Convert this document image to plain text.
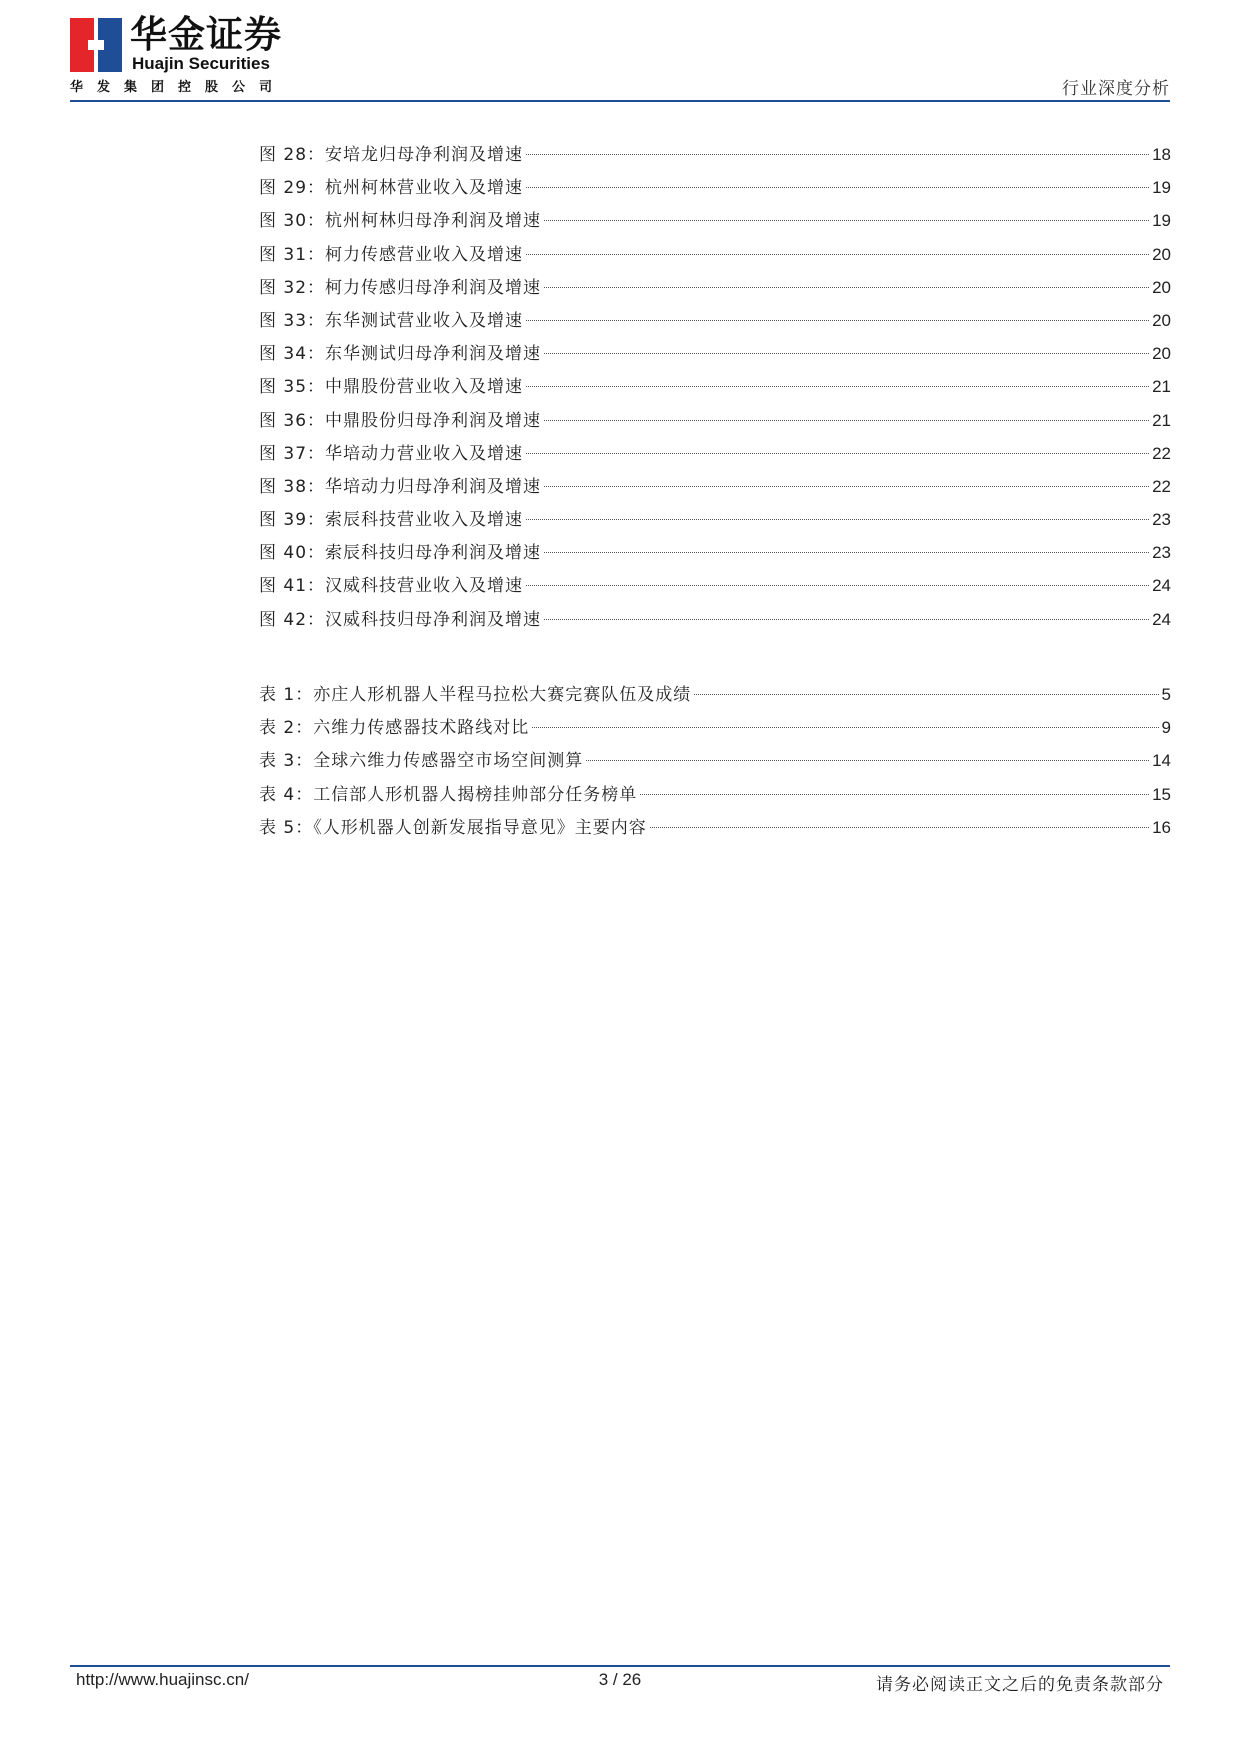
华金证券
Huajin Securities
华发集团控股公司	行业深度分析
图 28：安培龙归母净利润及增速	18
图 29：杭州柯林营业收入及增速	19
图 30：杭州柯林归母净利润及增速	19
图 31：柯力传感营业收入及增速	20
图 32：柯力传感归母净利润及增速	20
图 33：东华测试营业收入及增速	20
图 34：东华测试归母净利润及增速	20
图 35：中鼎股份营业收入及增速	21
图 36：中鼎股份归母净利润及增速	21
图 37：华培动力营业收入及增速	22
图 38：华培动力归母净利润及增速	22
图 39：索辰科技营业收入及增速	23
图 40：索辰科技归母净利润及增速	23
图 41：汉威科技营业收入及增速	24
图 42：汉威科技归母净利润及增速	24
表 1：亦庄人形机器人半程马拉松大赛完赛队伍及成绩	5
表 2：六维力传感器技术路线对比	9
表 3：全球六维力传感器空市场空间测算	14
表 4：工信部人形机器人揭榜挂帅部分任务榜单	15
表 5：《人形机器人创新发展指导意见》主要内容	16
http://www.huajinsc.cn/	3 / 26	请务必阅读正文之后的免责条款部分
